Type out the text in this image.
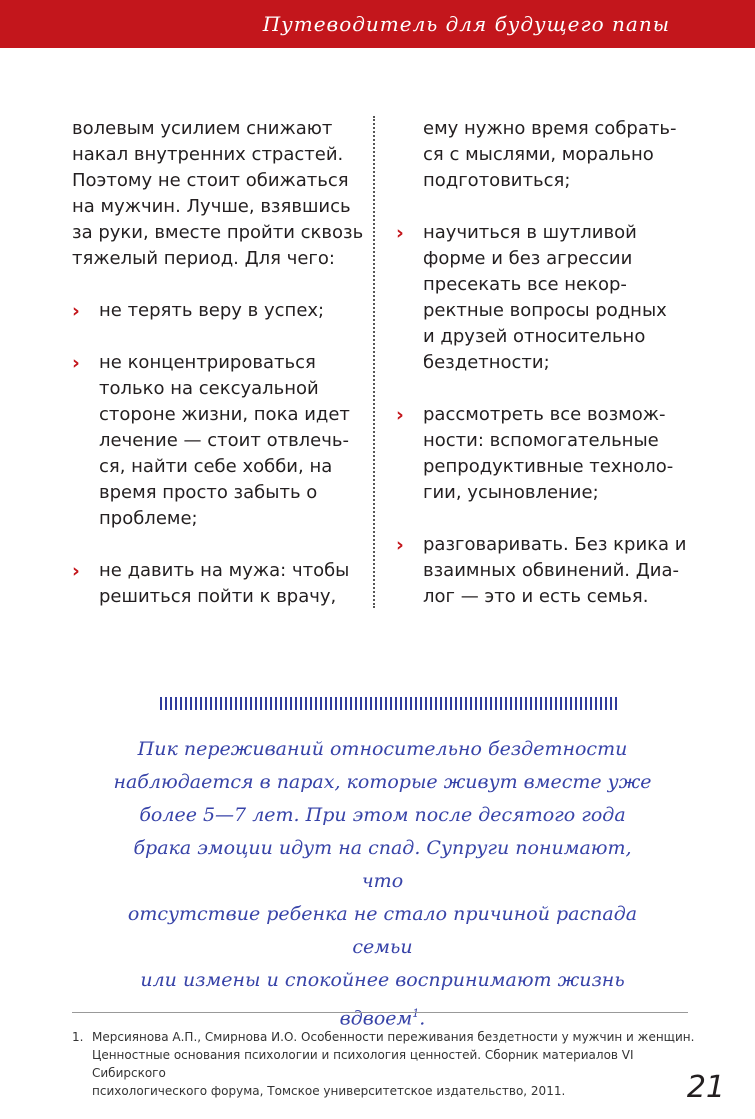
Путеводитель для будущего папы

волевым усилием снижают
накал внутренних страстей.
Поэтому не стоит обижаться
на мужчин. Лучше, взявшись
за руки, вместе пройти сквозь
тяжелый период. Для чего:

› не терять веру в успех;
› не концентрироваться
только на сексуальной
стороне жизни, пока идет
лечение — стоит отвлечь-
ся, найти себе хобби, на
время просто забыть о
проблеме;
› не давить на мужа: чтобы
решиться пойти к врачу,

ему нужно время собрать-
ся с мыслями, морально
подготовиться;

› научиться в шутливой
форме и без агрессии
пресекать все некор-
ректные вопросы родных
и друзей относительно
бездетности;
› рассмотреть все возмож-
ности: вспомогательные
репродуктивные техноло-
гии, усыновление;
› разговаривать. Без крика и
взаимных обвинений. Диа-
лог — это и есть семья.
Пик переживаний относительно бездетности
наблюдается в парах, которые живут вместе уже
более 5—7 лет. При этом после десятого года
брака эмоции идут на спад. Супруги понимают, что
отсутствие ребенка не стало причиной распада семьи
или измены и спокойнее воспринимают жизнь вдвоем$^1$.
1. Мерсиянова А.П., Смирнова И.О. Особенности переживания бездетности у мужчин и женщин.
Ценностные основания психологии и психология ценностей. Сборник материалов VI Сибирского
психологического форума, Томское университетское издательство, 2011.	21
